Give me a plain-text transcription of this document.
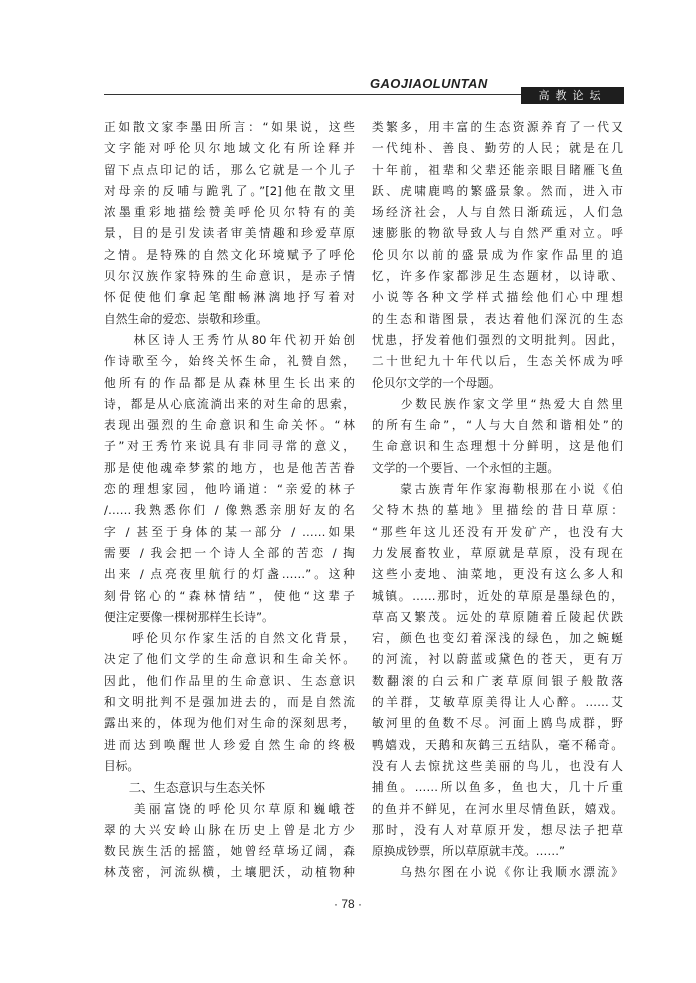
GAOJIAOLUNTAN
高教论坛
正如散文家李墨田所言：“如果说，这些
文字能对呼伦贝尔地域文化有所诠释并
留下点点印记的话，那么它就是一个儿子
对母亲的反哺与跪乳了。”[2]他在散文里
浓墨重彩地描绘赞美呼伦贝尔特有的美
景，目的是引发读者审美情趣和珍爱草原
之情。是特殊的自然文化环境赋予了呼伦
贝尔汉族作家特殊的生命意识，是赤子情
怀促使他们拿起笔酣畅淋漓地抒写着对
自然生命的爱恋、崇敬和珍重。
　　林区诗人王秀竹从80年代初开始创
作诗歌至今，始终关怀生命，礼赞自然，
他所有的作品都是从森林里生长出来的
诗，都是从心底流淌出来的对生命的思索，
表现出强烈的生命意识和生命关怀。“林
子”对王秀竹来说具有非同寻常的意义，
那是使他魂牵梦萦的地方，也是他苦苦眷
恋的理想家园，他吟诵道：“亲爱的林子
/……我熟悉你们 / 像熟悉亲朋好友的名
字 / 甚至于身体的某一部分 / ……如果
需要 / 我会把一个诗人全部的苦恋 / 掏
出来 / 点亮夜里航行的灯盏……”。这种
刻骨铭心的“森林情结”，使他“这辈子
便注定要像一棵树那样生长诗”。
　　呼伦贝尔作家生活的自然文化背景，
决定了他们文学的生命意识和生命关怀。
因此，他们作品里的生命意识、生态意识
和文明批判不是强加进去的，而是自然流
露出来的，体现为他们对生命的深刻思考，
进而达到唤醒世人珍爱自然生命的终极
目标。
　　二、生态意识与生态关怀
　　美丽富饶的呼伦贝尔草原和巍峨苍
翠的大兴安岭山脉在历史上曾是北方少
数民族生活的摇篮，她曾经草场辽阔，森
林茂密，河流纵横，土壤肥沃，动植物种
类繁多，用丰富的生态资源养育了一代又
一代纯朴、善良、勤劳的人民；就是在几
十年前，祖辈和父辈还能亲眼目睹雁飞鱼
跃、虎啸鹿鸣的繁盛景象。然而，进入市
场经济社会，人与自然日渐疏远，人们急
速膨胀的物欲导致人与自然严重对立。呼
伦贝尔以前的盛景成为作家作品里的追
忆，许多作家都涉足生态题材，以诗歌、
小说等各种文学样式描绘他们心中理想
的生态和谐图景，表达着他们深沉的生态
忧患，抒发着他们强烈的文明批判。因此，
二十世纪九十年代以后，生态关怀成为呼
伦贝尔文学的一个母题。
　　少数民族作家文学里“热爱大自然里
的所有生命”，“人与大自然和谐相处”的
生命意识和生态理想十分鲜明，这是他们
文学的一个要旨、一个永恒的主题。
　　蒙古族青年作家海勒根那在小说《伯
父特木热的墓地》里描绘的昔日草原：
“那些年这儿还没有开发矿产，也没有大
力发展畜牧业，草原就是草原，没有现在
这些小麦地、油菜地，更没有这么多人和
城镇。……那时，近处的草原是墨绿色的，
草高又繁茂。远处的草原随着丘陵起伏跌
宕，颜色也变幻着深浅的绿色，加之蜿蜒
的河流，衬以蔚蓝或黛色的苍天，更有万
数翻滚的白云和广袤草原间银子般散落
的羊群，艾敏草原美得让人心醉。……艾
敏河里的鱼数不尽。河面上鸥鸟成群，野
鸭嬉戏，天鹅和灰鹤三五结队，毫不稀奇。
没有人去惊扰这些美丽的鸟儿，也没有人
捕鱼。……所以鱼多，鱼也大，几十斤重
的鱼并不鲜见，在河水里尽情鱼跃，嬉戏。
那时，没有人对草原开发，想尽法子把草
原换成钞票，所以草原就丰茂。……”
　　乌热尔图在小说《你让我顺水漂流》
· 78 ·
